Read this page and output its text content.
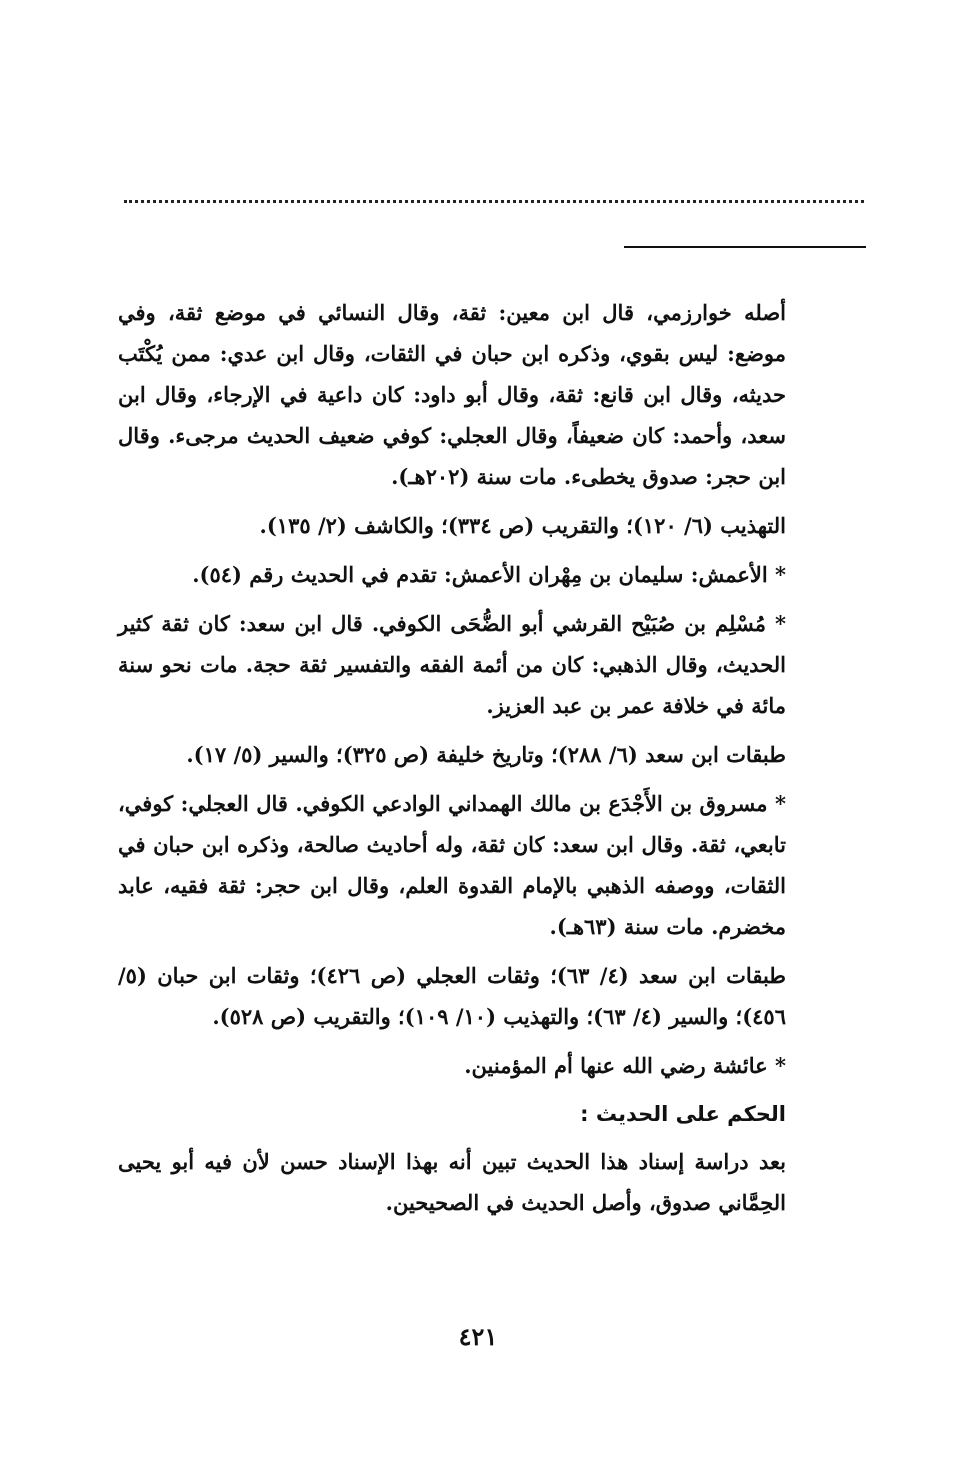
أصله خوارزمي، قال ابن معين: ثقة، وقال النسائي في موضع ثقة، وفي موضع: ليس بقوي، وذكره ابن حبان في الثقات، وقال ابن عدي: ممن يُكْتَب حديثه، وقال ابن قانع: ثقة، وقال أبو داود: كان داعية في الإرجاء، وقال ابن سعد، وأحمد: كان ضعيفاً، وقال العجلي: كوفي ضعيف الحديث مرجىء. وقال ابن حجر: صدوق يخطىء. مات سنة (٢٠٢هـ).

التهذيب (٦/ ١٢٠)؛ والتقريب (ص ٣٣٤)؛ والكاشف (٢/ ١٣٥).

* الأعمش: سليمان بن مِهْران الأعمش: تقدم في الحديث رقم (٥٤).

* مُسْلِم بن صُبَيْح القرشي أبو الضُّحَى الكوفي. قال ابن سعد: كان ثقة كثير الحديث، وقال الذهبي: كان من أئمة الفقه والتفسير ثقة حجة. مات نحو سنة مائة في خلافة عمر بن عبد العزيز.

طبقات ابن سعد (٦/ ٢٨٨)؛ وتاريخ خليفة (ص ٣٢٥)؛ والسير (٥/ ١٧).

* مسروق بن الأَجْدَع بن مالك الهمداني الوادعي الكوفي. قال العجلي: كوفي، تابعي، ثقة. وقال ابن سعد: كان ثقة، وله أحاديث صالحة، وذكره ابن حبان في الثقات، ووصفه الذهبي بالإمام القدوة العلم، وقال ابن حجر: ثقة فقيه، عابد مخضرم. مات سنة (٦٣هـ).

طبقات ابن سعد (٤/ ٦٣)؛ وثقات العجلي (ص ٤٢٦)؛ وثقات ابن حبان (٥/ ٤٥٦)؛ والسير (٤/ ٦٣)؛ والتهذيب (١٠/ ١٠٩)؛ والتقريب (ص ٥٢٨).

* عائشة رضي الله عنها أم المؤمنين.

الحكم على الحديث :

بعد دراسة إسناد هذا الحديث تبين أنه بهذا الإسناد حسن لأن فيه أبو يحيى الحِمَّاني صدوق، وأصل الحديث في الصحيحين.

٤٢١
